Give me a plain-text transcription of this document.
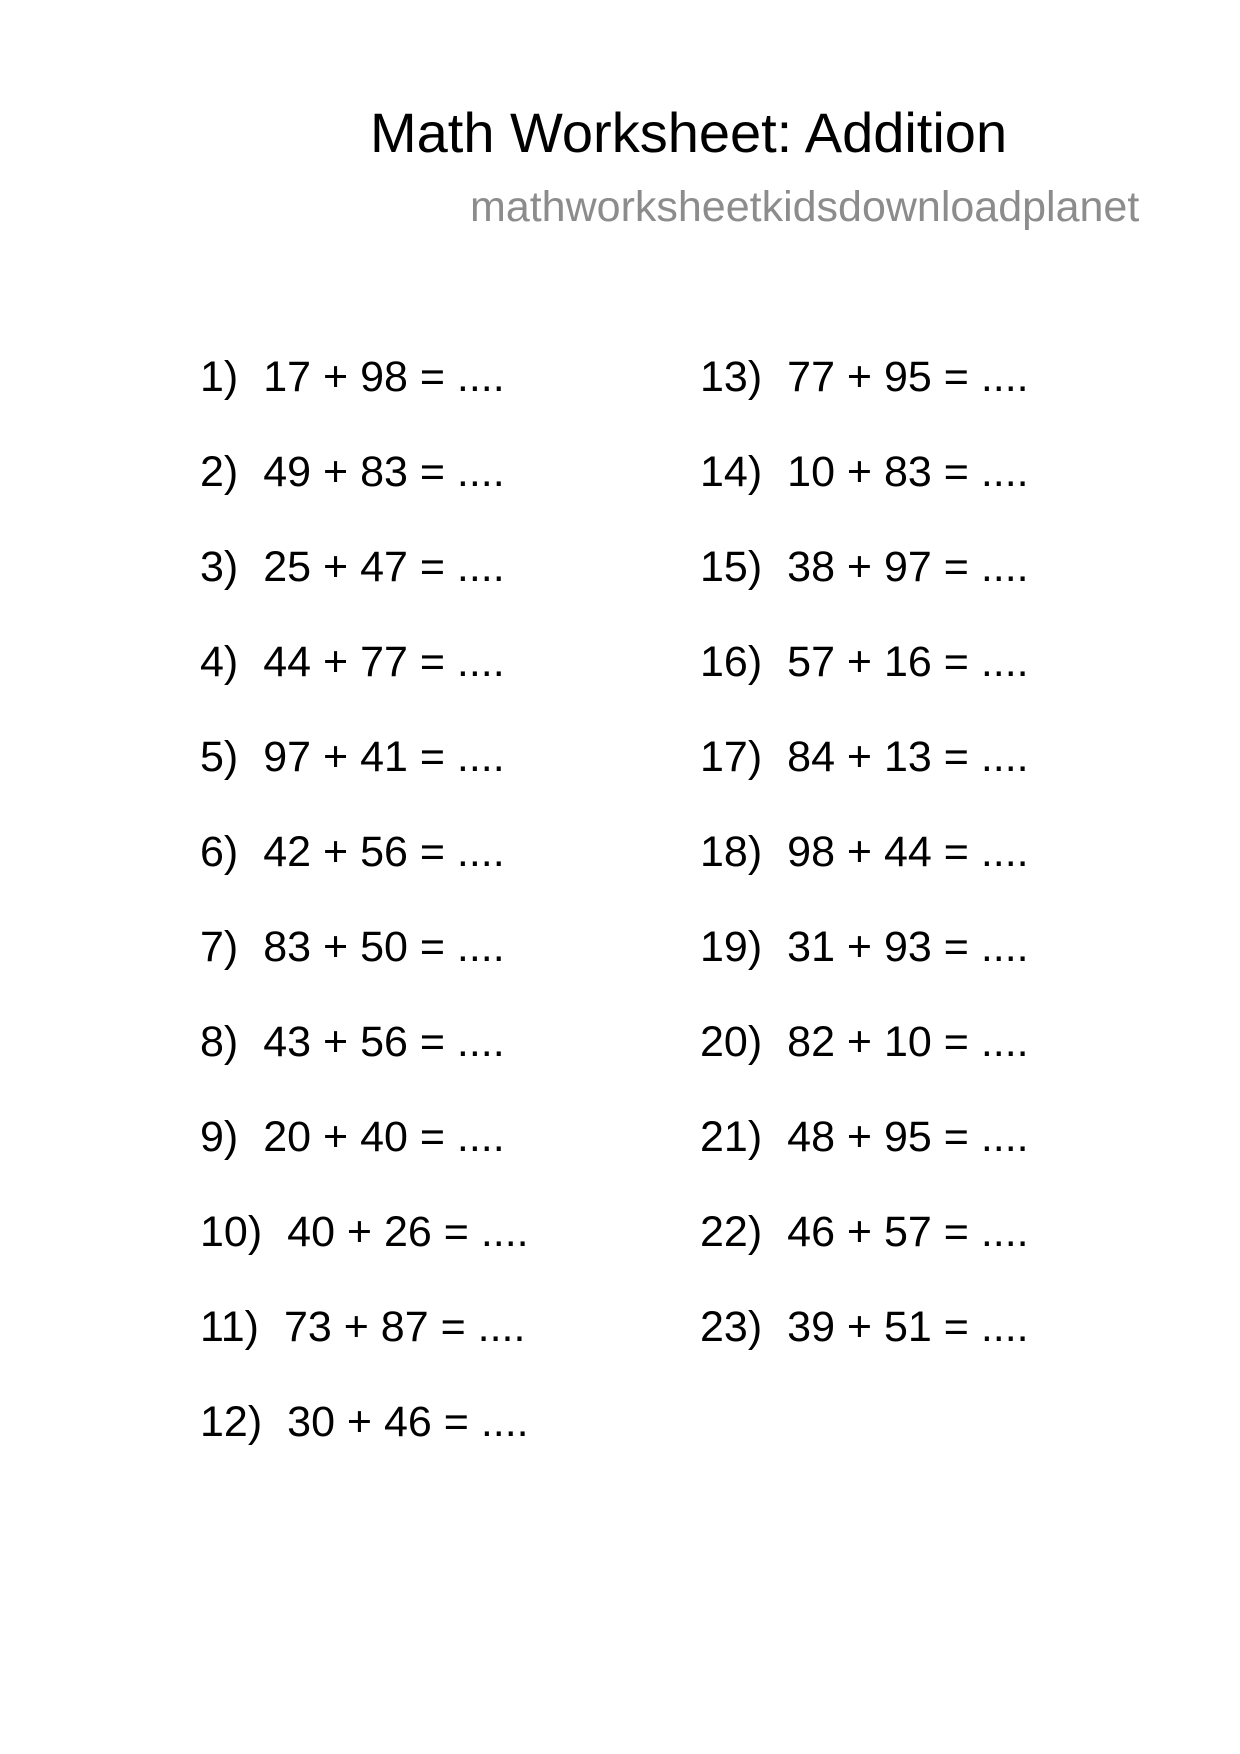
Math Worksheet: Addition
mathworksheetkidsdownloadplanet
1) 17 + 98 = ....
2) 49 + 83 = ....
3) 25 + 47 = ....
4) 44 + 77 = ....
5) 97 + 41 = ....
6) 42 + 56 = ....
7) 83 + 50 = ....
8) 43 + 56 = ....
9) 20 + 40 = ....
10) 40 + 26 = ....
11) 73 + 87 = ....
12) 30 + 46 = ....
13) 77 + 95 = ....
14) 10 + 83 = ....
15) 38 + 97 = ....
16) 57 + 16 = ....
17) 84 + 13 = ....
18) 98 + 44 = ....
19) 31 + 93 = ....
20) 82 + 10 = ....
21) 48 + 95 = ....
22) 46 + 57 = ....
23) 39 + 51 = ....
